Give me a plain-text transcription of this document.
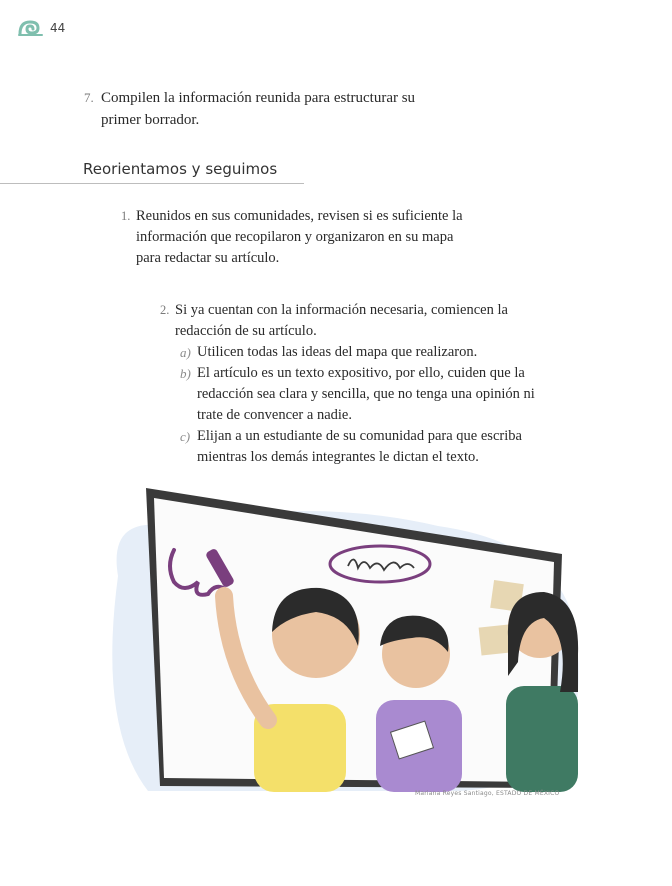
44
7. Compilen la información reunida para estructurar su primer borrador.
Reorientamos y seguimos
1. Reunidos en sus comunidades, revisen si es suficiente la información que recopilaron y organizaron en su mapa para redactar su artículo.
2. Si ya cuentan con la información necesaria, comiencen la redacción de su artículo.
a) Utilicen todas las ideas del mapa que realizaron.
b) El artículo es un texto expositivo, por ello, cuiden que la redacción sea clara y sencilla, que no tenga una opinión ni trate de convencer a nadie.
c) Elijan a un estudiante de su comunidad para que escriba mientras los demás integrantes le dictan el texto.
Mariana Reyes Santiago, ESTADO DE MÉXICO
